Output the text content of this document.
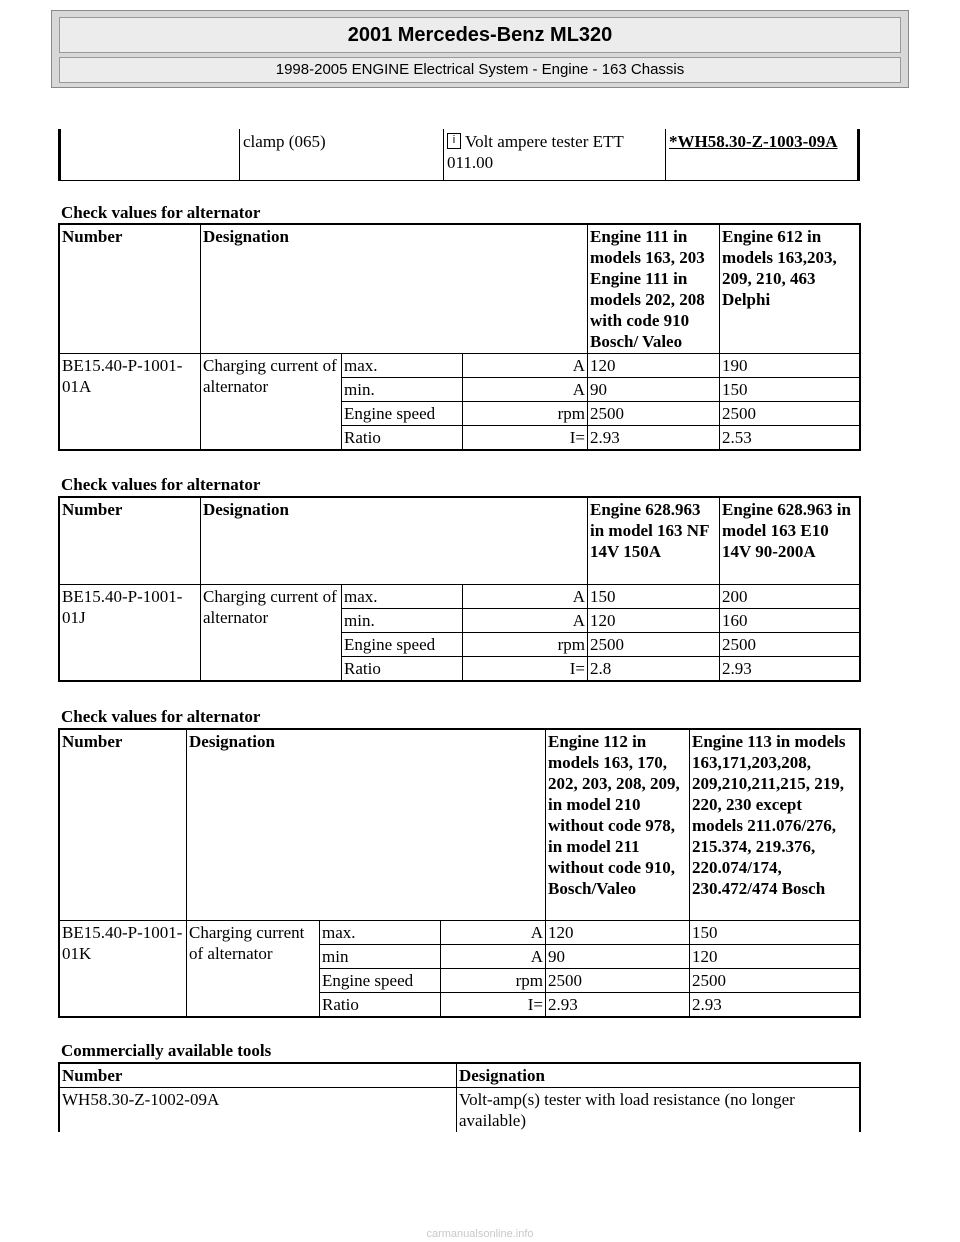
2001 Mercedes-Benz ML320
1998-2005 ENGINE Electrical System - Engine - 163 Chassis
	clamp (065)	i Volt ampere tester ETT 011.00	*WH58.30-Z-1003-09A
Check values for alternator
Number	Designation			Engine 111 in models 163, 203 Engine 111 in models 202, 208 with code 910 Bosch/ Valeo	Engine 612 in models 163,203, 209, 210, 463 Delphi
BE15.40-P-1001-01A	Charging current of alternator	max.	A	120	190
		min.	A	90	150
		Engine speed	rpm	2500	2500
		Ratio	I=	2.93	2.53
Check values for alternator
Number	Designation			Engine 628.963 in model 163 NF 14V 150A	Engine 628.963 in model 163 E10 14V 90-200A
BE15.40-P-1001-01J	Charging current of alternator	max.	A	150	200
		min.	A	120	160
		Engine speed	rpm	2500	2500
		Ratio	I=	2.8	2.93
Check values for alternator
Number	Designation			Engine 112 in models 163, 170, 202, 203, 208, 209, in model 210 without code 978, in model 211 without code 910, Bosch/Valeo	Engine 113 in models 163,171,203,208, 209,210,211,215, 219, 220, 230 except models 211.076/276, 215.374, 219.376, 220.074/174, 230.472/474 Bosch
BE15.40-P-1001-01K	Charging current of alternator	max.	A	120	150
		min	A	90	120
		Engine speed	rpm	2500	2500
		Ratio	I=	2.93	2.93
Commercially available tools
Number	Designation
WH58.30-Z-1002-09A	Volt-amp(s) tester with load resistance (no longer available)
carmanualsonline.info
